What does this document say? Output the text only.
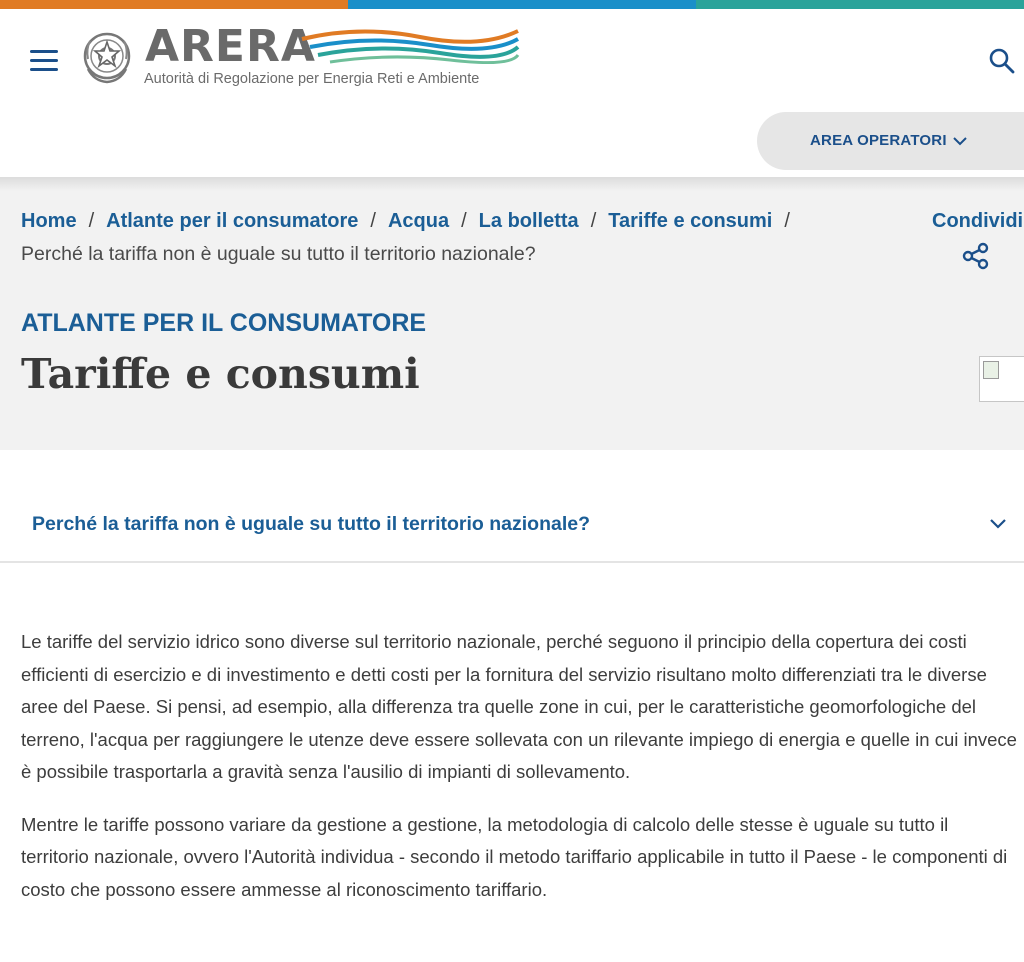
ARERA
Autorità di Regolazione per Energia Reti e Ambiente
AREA OPERATORI
Home / Atlante per il consumatore / Acqua / La bolletta / Tariffe e consumi /
Perché la tariffa non è uguale su tutto il territorio nazionale?
Condividi
ATLANTE PER IL CONSUMATORE
Tariffe e consumi
Perché la tariffa non è uguale su tutto il territorio nazionale?

Le tariffe del servizio idrico sono diverse sul territorio nazionale, perché seguono il principio della copertura dei costi efficienti di esercizio e di investimento e detti costi per la fornitura del servizio risultano molto differenziati tra le diverse aree del Paese. Si pensi, ad esempio, alla differenza tra quelle zone in cui, per le caratteristiche geomorfologiche del terreno, l'acqua per raggiungere le utenze deve essere sollevata con un rilevante impiego di energia e quelle in cui invece è possibile trasportarla a gravità senza l'ausilio di impianti di sollevamento.

Mentre le tariffe possono variare da gestione a gestione, la metodologia di calcolo delle stesse è uguale su tutto il territorio nazionale, ovvero l'Autorità individua - secondo il metodo tariffario applicabile in tutto il Paese - le componenti di costo che possono essere ammesse al riconoscimento tariffario.
